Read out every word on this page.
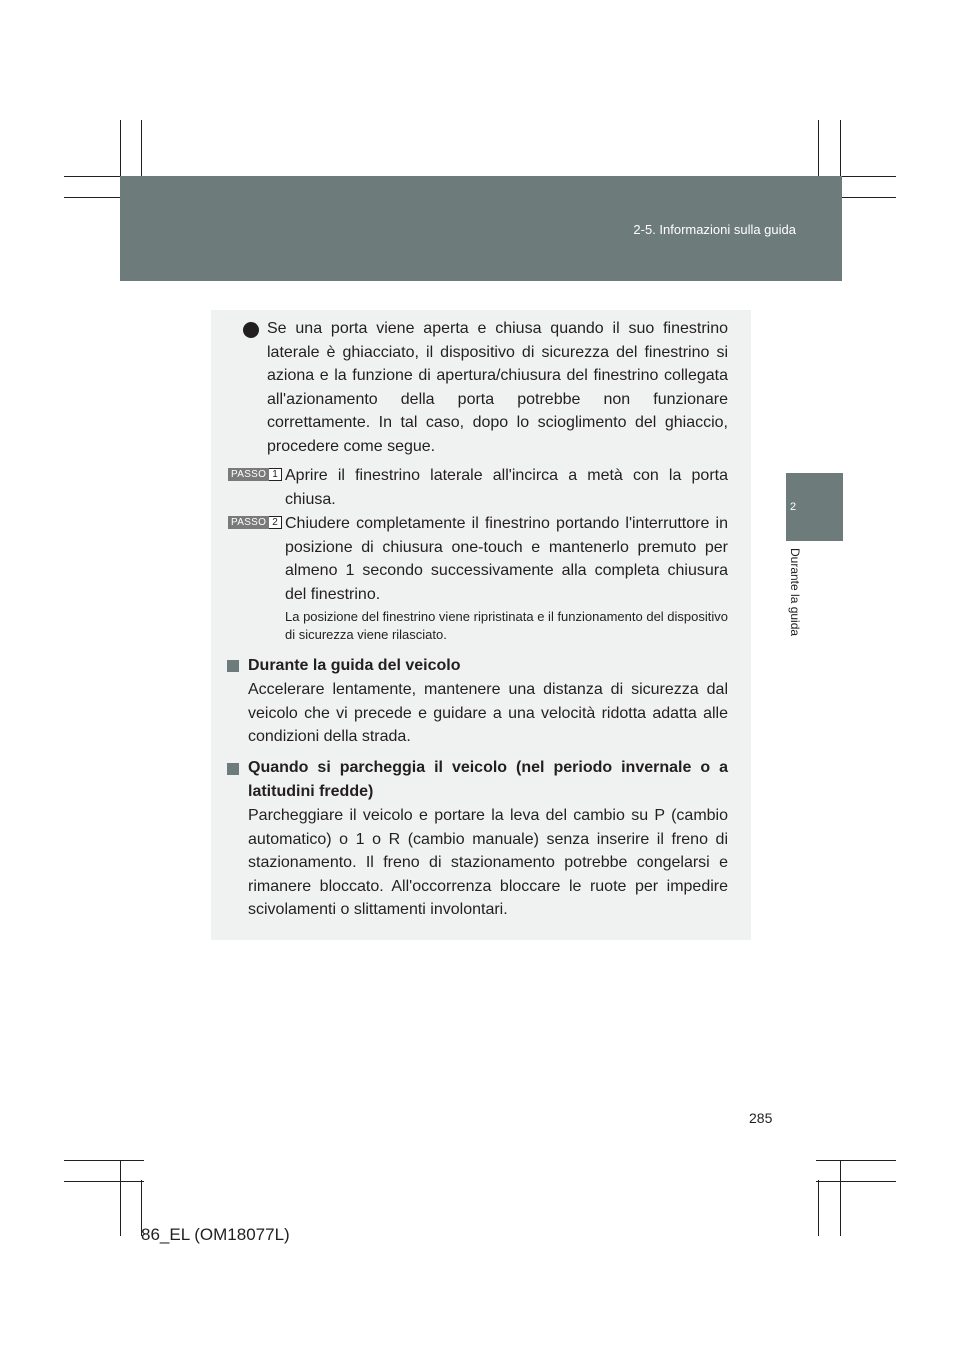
2-5. Informazioni sulla guida
2
Durante la guida
Se una porta viene aperta e chiusa quando il suo finestrino laterale è ghiacciato, il dispositivo di sicurezza del finestrino si aziona e la funzione di apertura/chiusura del finestrino collegata all'azionamento della porta potrebbe non funzionare correttamente. In tal caso, dopo lo scioglimento del ghiaccio, procedere come segue.
PASSO 1 Aprire il finestrino laterale all'incirca a metà con la porta chiusa.
PASSO 2 Chiudere completamente il finestrino portando l'interruttore in posizione di chiusura one-touch e mantenerlo premuto per almeno 1 secondo successivamente alla completa chiusura del finestrino.
La posizione del finestrino viene ripristinata e il funzionamento del dispositivo di sicurezza viene rilasciato.
Durante la guida del veicolo
Accelerare lentamente, mantenere una distanza di sicurezza dal veicolo che vi precede e guidare a una velocità ridotta adatta alle condizioni della strada.
Quando si parcheggia il veicolo (nel periodo invernale o a latitudini fredde)
Parcheggiare il veicolo e portare la leva del cambio su P (cambio automatico) o 1 o R (cambio manuale) senza inserire il freno di stazionamento. Il freno di stazionamento potrebbe congelarsi e rimanere bloccato. All'occorrenza bloccare le ruote per impedire scivolamenti o slittamenti involontari.
285
86_EL (OM18077L)
